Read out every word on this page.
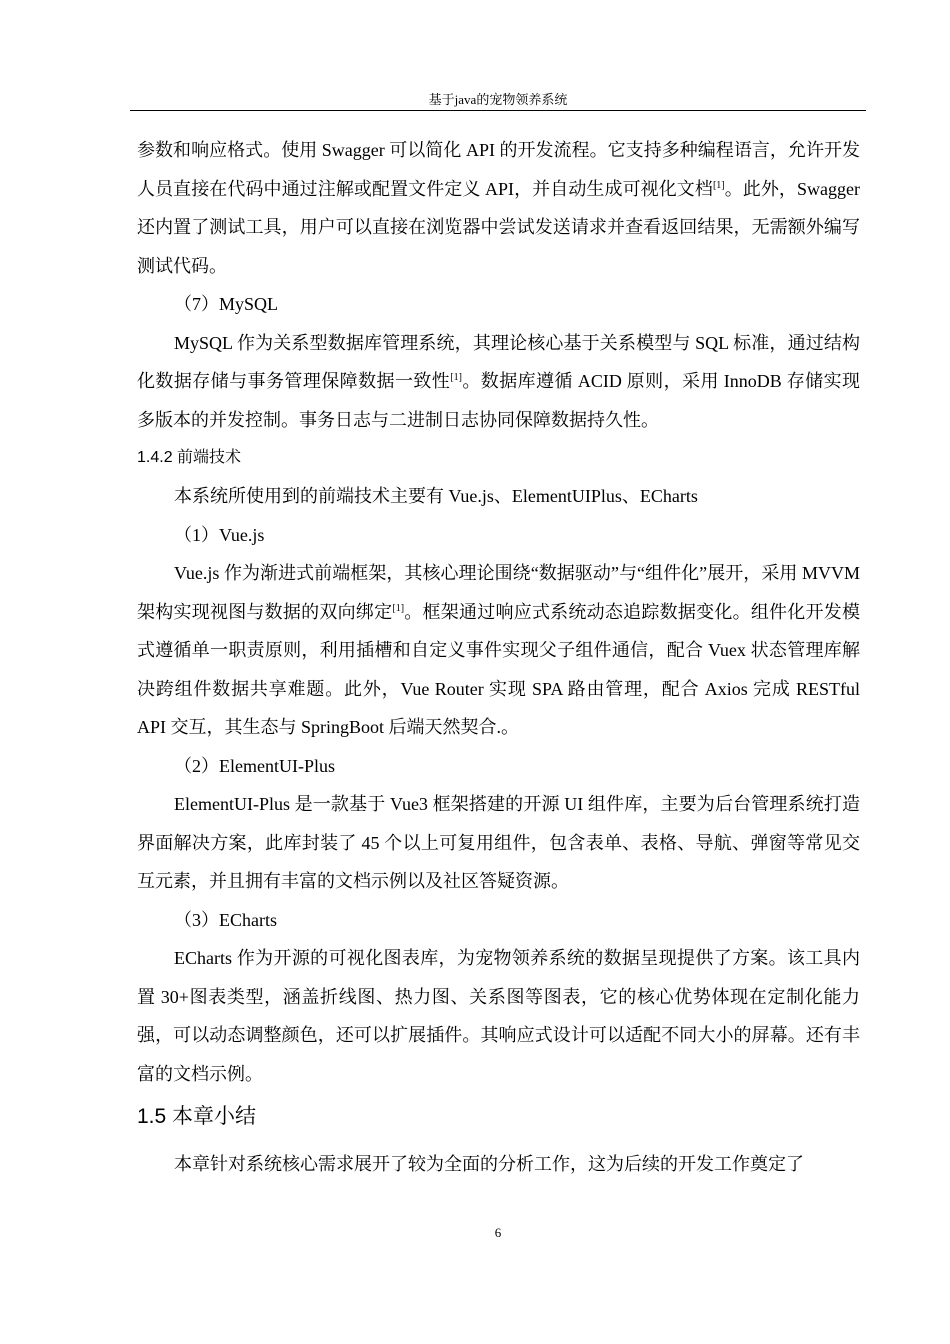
基于java的宠物领养系统

参数和响应格式。使用 Swagger 可以简化 API 的开发流程。它支持多种编程语言，允许开发人员直接在代码中通过注解或配置文件定义 API，并自动生成可视化文档[1]。此外，Swagger 还内置了测试工具，用户可以直接在浏览器中尝试发送请求并查看返回结果，无需额外编写测试代码。

（7）MySQL

MySQL 作为关系型数据库管理系统，其理论核心基于关系模型与 SQL 标准，通过结构化数据存储与事务管理保障数据一致性[1]。数据库遵循 ACID 原则，采用 InnoDB 存储实现多版本的并发控制。事务日志与二进制日志协同保障数据持久性。

1.4.2 前端技术

本系统所使用到的前端技术主要有 Vue.js、ElementUIPlus、ECharts

（1）Vue.js

Vue.js 作为渐进式前端框架，其核心理论围绕“数据驱动”与“组件化”展开，采用 MVVM 架构实现视图与数据的双向绑定[1]。框架通过响应式系统动态追踪数据变化。组件化开发模式遵循单一职责原则，利用插槽和自定义事件实现父子组件通信，配合 Vuex 状态管理库解决跨组件数据共享难题。此外，Vue Router 实现 SPA 路由管理，配合 Axios 完成 RESTful API 交互，其生态与 SpringBoot 后端天然契合.。

（2）ElementUI-Plus

ElementUI-Plus 是一款基于 Vue3 框架搭建的开源 UI 组件库，主要为后台管理系统打造界面解决方案，此库封装了 45 个以上可复用组件，包含表单、表格、导航、弹窗等常见交互元素，并且拥有丰富的文档示例以及社区答疑资源。

（3）ECharts

ECharts 作为开源的可视化图表库，为宠物领养系统的数据呈现提供了方案。该工具内置 30+图表类型，涵盖折线图、热力图、关系图等图表，它的核心优势体现在定制化能力强，可以动态调整颜色，还可以扩展插件。其响应式设计可以适配不同大小的屏幕。还有丰富的文档示例。

1.5 本章小结

本章针对系统核心需求展开了较为全面的分析工作，这为后续的开发工作奠定了

6
